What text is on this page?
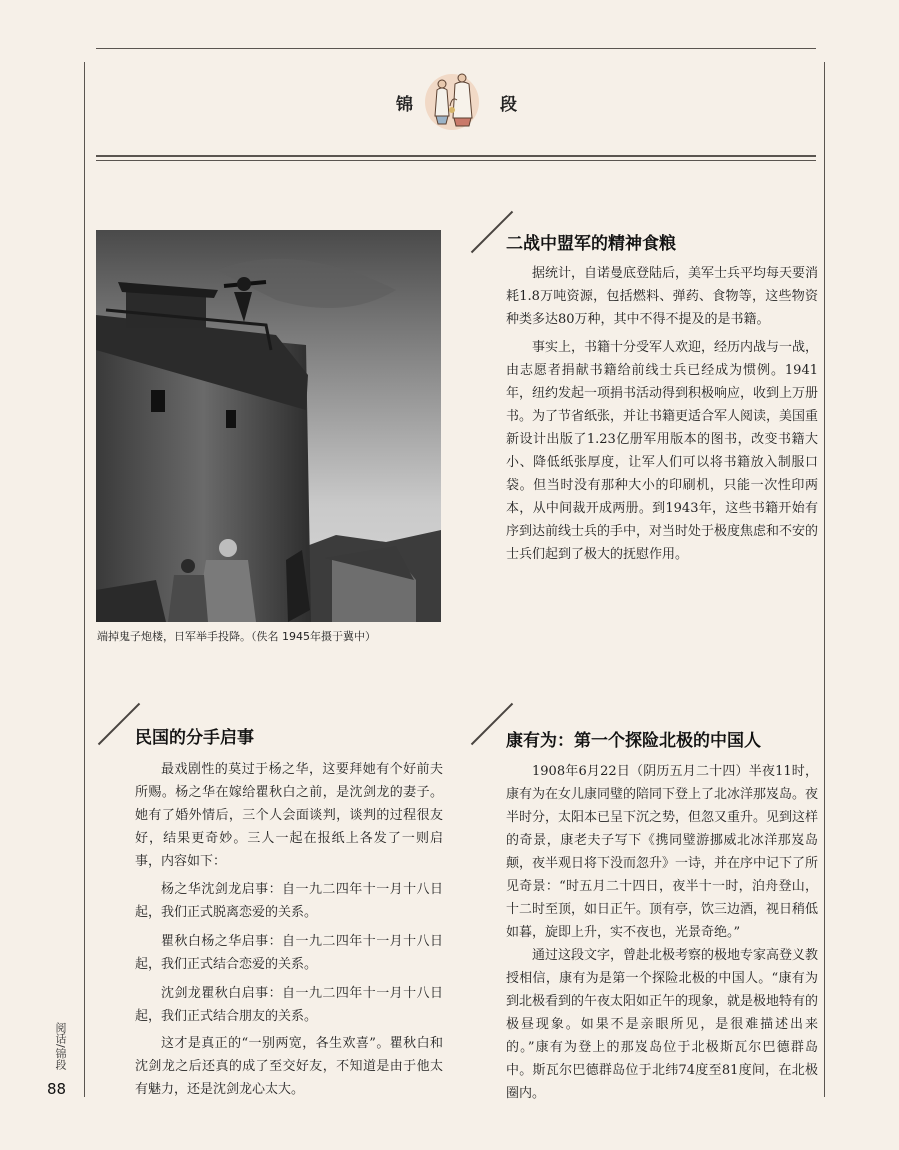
锦	段
端掉鬼子炮楼，日军举手投降。（佚名 1945年摄于冀中）
二战中盟军的精神食粮

据统计，自诺曼底登陆后，美军士兵平均每天要消耗1.8万吨资源，包括燃料、弹药、食物等，这些物资种类多达80万种，其中不得不提及的是书籍。

事实上，书籍十分受军人欢迎，经历内战与一战，由志愿者捐献书籍给前线士兵已经成为惯例。1941年，纽约发起一项捐书活动得到积极响应，收到上万册书。为了节省纸张，并让书籍更适合军人阅读，美国重新设计出版了1.23亿册军用版本的图书，改变书籍大小、降低纸张厚度，让军人们可以将书籍放入制服口袋。但当时没有那种大小的印刷机，只能一次性印两本，从中间裁开成两册。到1943年，这些书籍开始有序到达前线士兵的手中，对当时处于极度焦虑和不安的士兵们起到了极大的抚慰作用。

民国的分手启事

最戏剧性的莫过于杨之华，这要拜她有个好前夫所赐。杨之华在嫁给瞿秋白之前，是沈剑龙的妻子。她有了婚外情后，三个人会面谈判，谈判的过程很友好，结果更奇妙。三人一起在报纸上各发了一则启事，内容如下：

杨之华沈剑龙启事：自一九二四年十一月十八日起，我们正式脱离恋爱的关系。

瞿秋白杨之华启事：自一九二四年十一月十八日起，我们正式结合恋爱的关系。

沈剑龙瞿秋白启事：自一九二四年十一月十八日起，我们正式结合朋友的关系。

这才是真正的“一别两宽，各生欢喜”。瞿秋白和沈剑龙之后还真的成了至交好友，不知道是由于他太有魅力，还是沈剑龙心太大。

康有为：第一个探险北极的中国人

1908年6月22日（阴历五月二十四）半夜11时，康有为在女儿康同璧的陪同下登上了北冰洋那岌岛。夜半时分，太阳本已呈下沉之势，但忽又重升。见到这样的奇景，康老夫子写下《携同璧游挪威北冰洋那岌岛颠，夜半观日将下没而忽升》一诗，并在序中记下了所见奇景：“时五月二十四日，夜半十一时，泊舟登山，十二时至顶，如日正午。顶有亭，饮三边酒，视日稍低如暮，旋即上升，实不夜也，光景奇绝。”

通过这段文字，曾赴北极考察的极地专家高登义教授相信，康有为是第一个探险北极的中国人。“康有为到北极看到的午夜太阳如正午的现象，就是极地特有的极昼现象。如果不是亲眼所见，是很难描述出来的。”康有为登上的那岌岛位于北极斯瓦尔巴德群岛中。斯瓦尔巴德群岛位于北纬74度至81度间，在北极圈内。

阅话/锦段
88
